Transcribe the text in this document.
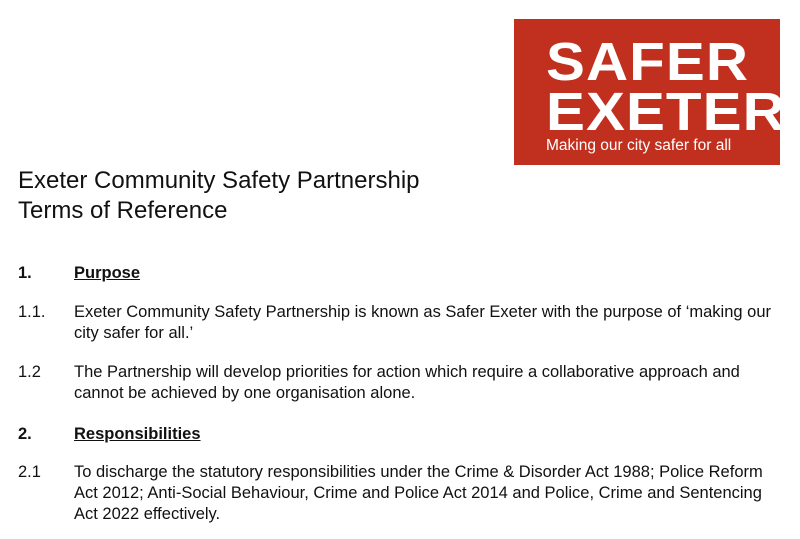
SAFER
EXETER
Making our city safer for all
Exeter Community Safety Partnership
Terms of Reference
1.	Purpose
1.1.	Exeter Community Safety Partnership is known as Safer Exeter with the purpose of ‘making our city safer for all.’
1.2	The Partnership will develop priorities for action which require a collaborative approach and cannot be achieved by one organisation alone.
2.	Responsibilities
2.1	To discharge the statutory responsibilities under the Crime & Disorder Act 1988; Police Reform Act 2012; Anti-Social Behaviour, Crime and Police Act 2014 and Police, Crime and Sentencing Act 2022 effectively.
